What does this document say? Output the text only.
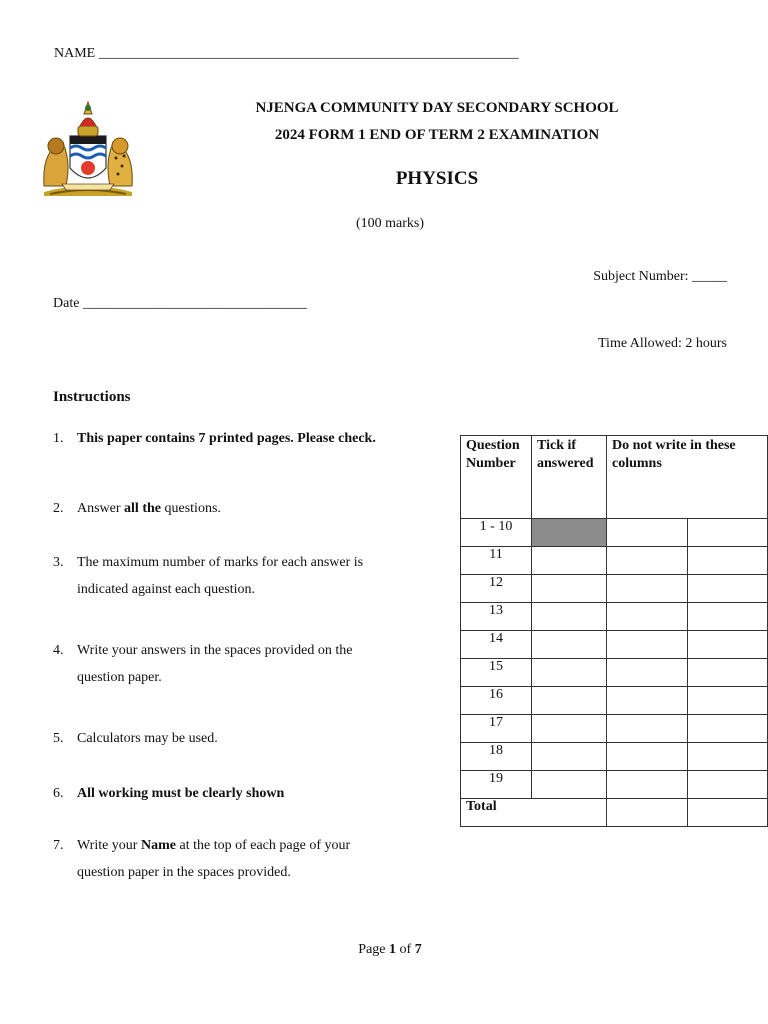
NAME ____________________________________________________________
NJENGA COMMUNITY DAY SECONDARY SCHOOL
2024 FORM 1 END OF TERM 2 EXAMINATION
PHYSICS
(100 marks)
Subject Number: _____
Date ________________________________
Time Allowed: 2 hours
Instructions
1. This paper contains 7 printed pages. Please check.
2. Answer all the questions.
3. The maximum number of marks for each answer is indicated against each question.
4. Write your answers in the spaces provided on the question paper.
5. Calculators may be used.
6. All working must be clearly shown
7. Write your Name at the top of each page of your question paper in the spaces provided.
Question Number	Tick if answered	Do not write in these columns	
1 - 10			
11			
12			
13			
14			
15			
16			
17			
18			
19			
Total			
Page 1 of 7
